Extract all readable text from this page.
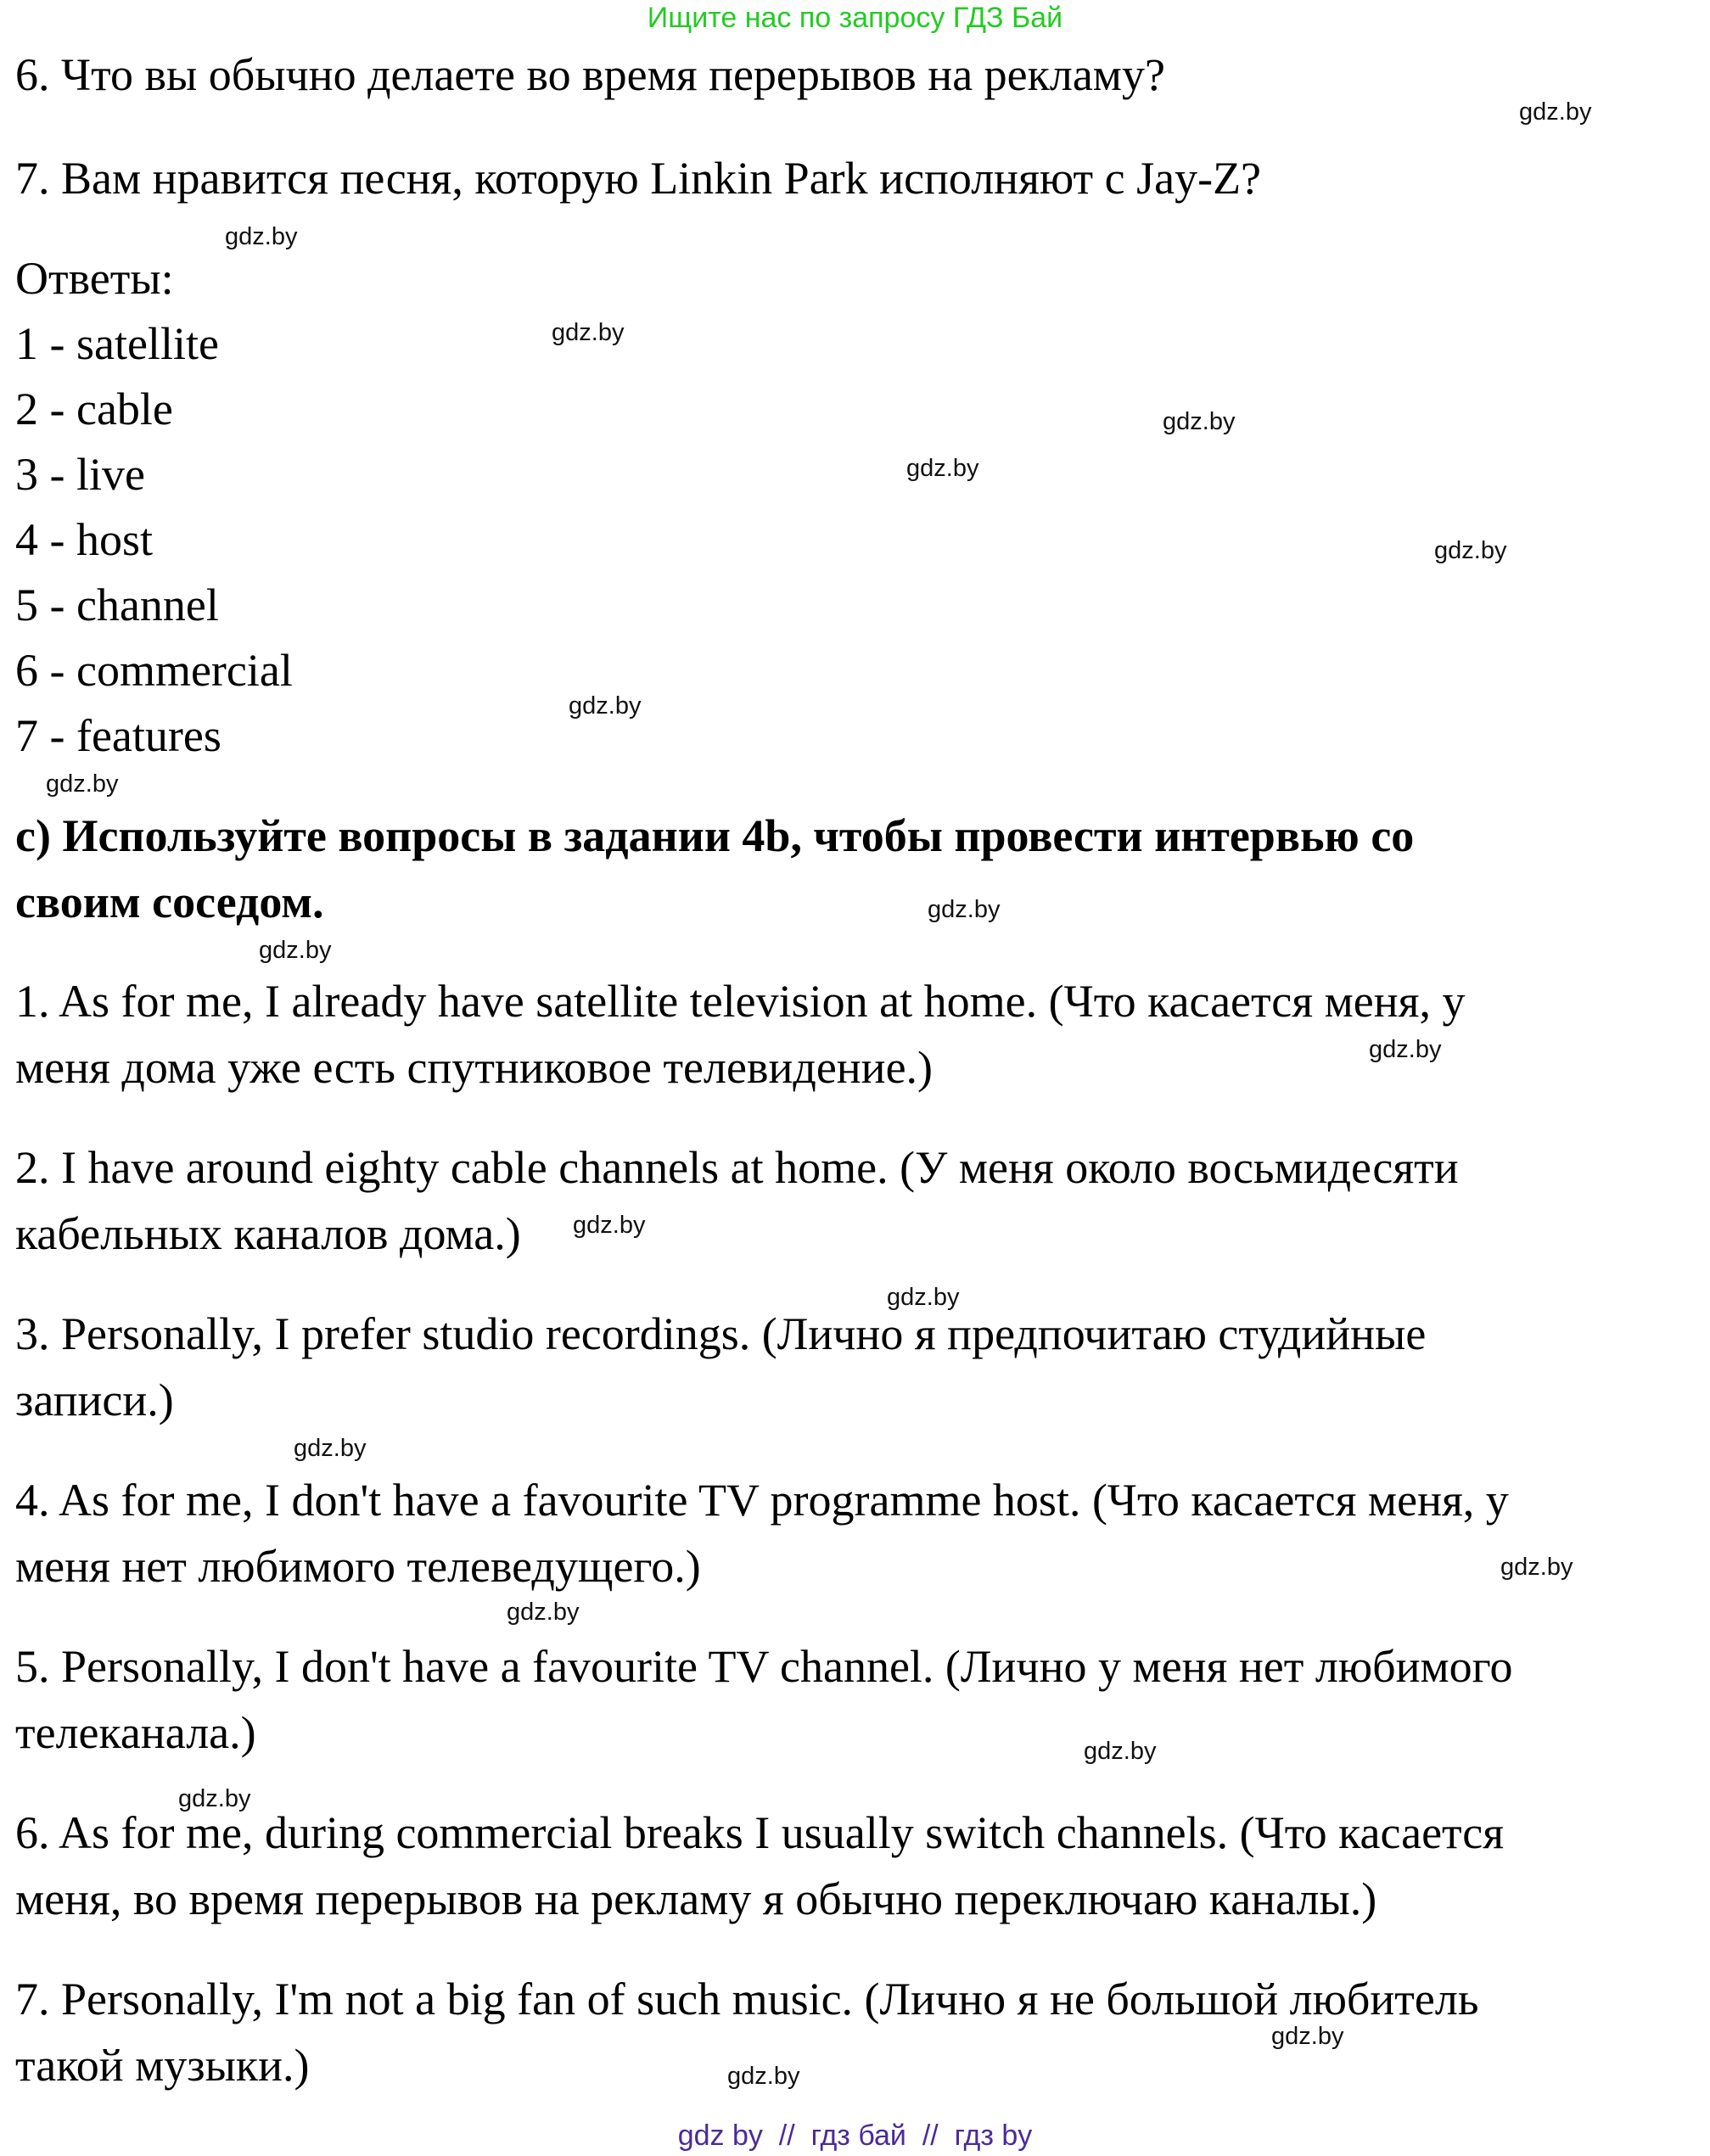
Ищите нас по запросу ГДЗ Бай
6. Что вы обычно делаете во время перерывов на рекламу?
7. Вам нравится песня, которую Linkin Park исполняют с Jay-Z?
Ответы:
1 - satellite
2 - cable
3 - live
4 - host
5 - channel
6 - commercial
7 - features
c) Используйте вопросы в задании 4b, чтобы провести интервью со
своим соседом.
1. As for me, I already have satellite television at home. (Что касается меня, у
меня дома уже есть спутниковое телевидение.)
2. I have around eighty cable channels at home. (У меня около восьмидесяти
кабельных каналов дома.)
3. Personally, I prefer studio recordings. (Лично я предпочитаю студийные
записи.)
4. As for me, I don't have a favourite TV programme host. (Что касается меня, у
меня нет любимого телеведущего.)
5. Personally, I don't have a favourite TV channel. (Лично у меня нет любимого
телеканала.)
6. As for me, during commercial breaks I usually switch channels. (Что касается
меня, во время перерывов на рекламу я обычно переключаю каналы.)
7. Personally, I'm not a big fan of such music. (Лично я не большой любитель
такой музыки.)
gdz.by
gdz.by
gdz.by
gdz.by
gdz.by
gdz.by
gdz.by
gdz.by
gdz.by
gdz.by
gdz.by
gdz.by
gdz.by
gdz.by
gdz.by
gdz.by
gdz.by
gdz.by
gdz.by
gdz.by
gdz by  //  гдз бай  //  гдз by
